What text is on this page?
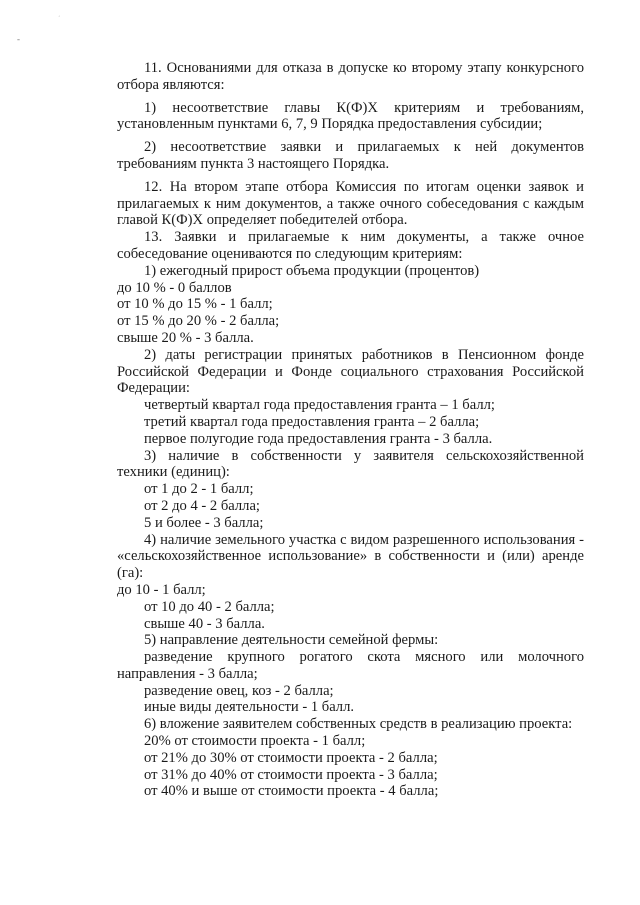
-
ʿ

11. Основаниями для отказа в допуске ко второму этапу конкурсного отбора являются:

1) несоответствие главы К(Ф)Х критериям и требованиям, установленным пунктами 6, 7, 9 Порядка предоставления субсидии;

2) несоответствие заявки и прилагаемых к ней документов требованиям пункта 3 настоящего Порядка.

12. На втором этапе отбора Комиссия по итогам оценки заявок и прилагаемых к ним документов, а также очного собеседования с каждым главой К(Ф)Х определяет победителей отбора.

13. Заявки и прилагаемые к ним документы, а также очное собеседование оцениваются по следующим критериям:

1) ежегодный прирост объема продукции (процентов)

до 10 % - 0 баллов

от 10 % до 15 % - 1 балл;

от 15 % до 20 % - 2 балла;

свыше 20 % - 3 балла.

2) даты регистрации принятых работников в Пенсионном фонде Российской Федерации и Фонде социального страхования Российской Федерации:

четвертый квартал года предоставления гранта – 1 балл;

третий квартал года предоставления гранта – 2 балла;

первое полугодие года предоставления гранта - 3 балла.

3) наличие в собственности у заявителя сельскохозяйственной техники (единиц):

от 1 до 2 - 1 балл;

от 2 до 4 - 2 балла;

5 и более - 3 балла;

4) наличие земельного участка с видом разрешенного использования - «сельскохозяйственное использование» в собственности и (или) аренде (га):

до 10 - 1 балл;

от 10 до 40 - 2 балла;

свыше 40 - 3 балла.

5) направление деятельности семейной фермы:

разведение крупного рогатого скота мясного или молочного направления - 3 балла;

разведение овец, коз - 2 балла;

иные виды деятельности - 1 балл.

6) вложение заявителем собственных средств в реализацию проекта:

20% от стоимости проекта - 1 балл;

от 21% до 30% от стоимости проекта - 2 балла;

от 31% до 40% от стоимости проекта - 3 балла;

от 40% и выше от стоимости проекта - 4 балла;
